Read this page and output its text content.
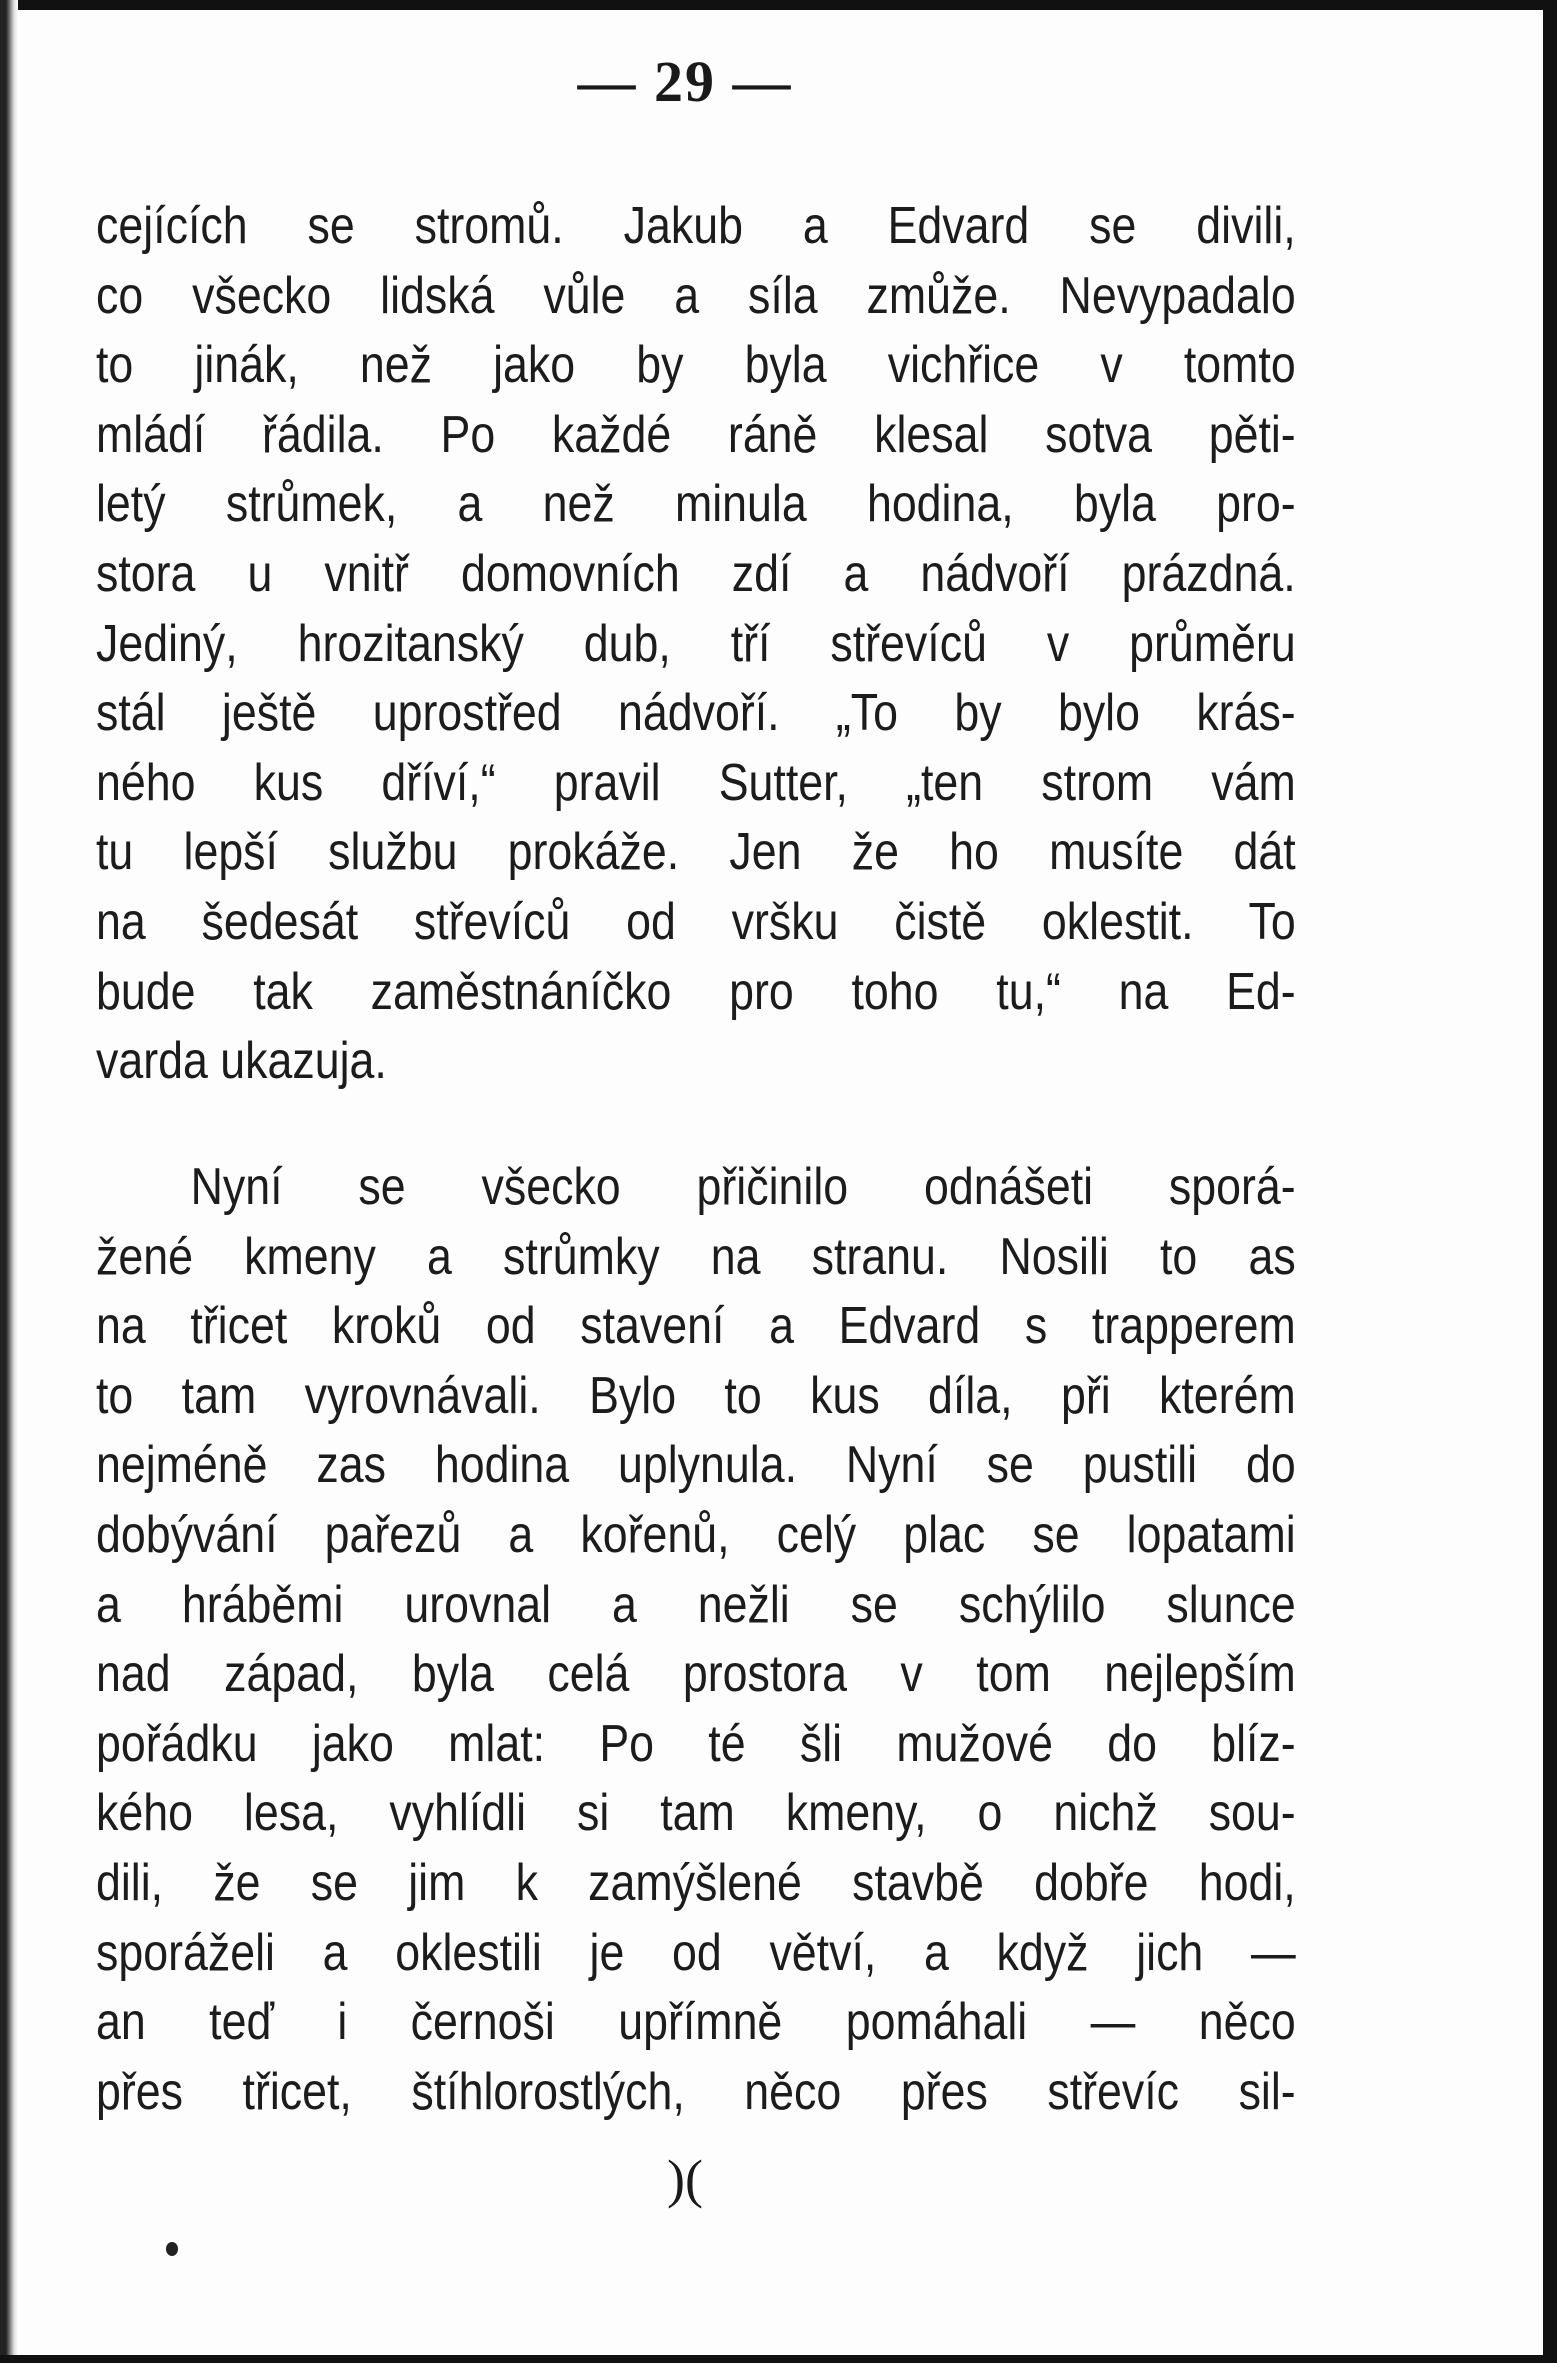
— 29 —
cejících se stromů. Jakub a Edvard se divili,
co všecko lidská vůle a síla zmůže. Nevypadalo
to jinák, než jako by byla vichřice v tomto
mládí řádila. Po každé ráně klesal sotva pěti-
letý strůmek, a než minula hodina, byla pro-
stora u vnitř domovních zdí a nádvoří prázdná.
Jediný, hrozitanský dub, tří střevíců v průměru
stál ještě uprostřed nádvoří. „To by bylo krás-
ného kus dříví,“ pravil Sutter, „ten strom vám
tu lepší službu prokáže. Jen že ho musíte dát
na šedesát střevíců od vršku čistě oklestit. To
bude tak zaměstnáníčko pro toho tu,“ na Ed-
varda ukazuja.
Nyní se všecko přičinilo odnášeti sporá-
žené kmeny a strůmky na stranu. Nosili to as
na třicet kroků od stavení a Edvard s trapperem
to tam vyrovnávali. Bylo to kus díla, při kterém
nejméně zas hodina uplynula. Nyní se pustili do
dobývání pařezů a kořenů, celý plac se lopatami
a hráběmi urovnal a nežli se schýlilo slunce
nad západ, byla celá prostora v tom nejlepším
pořádku jako mlat: Po té šli mužové do blíz-
kého lesa, vyhlídli si tam kmeny, o nichž sou-
dili, že se jim k zamýšlené stavbě dobře hodi,
sporáželi a oklestili je od větví, a když jich —
an teď i černoši upřímně pomáhali — něco
přes třicet, štíhlorostlých, něco přes střevíc sil-
)(
